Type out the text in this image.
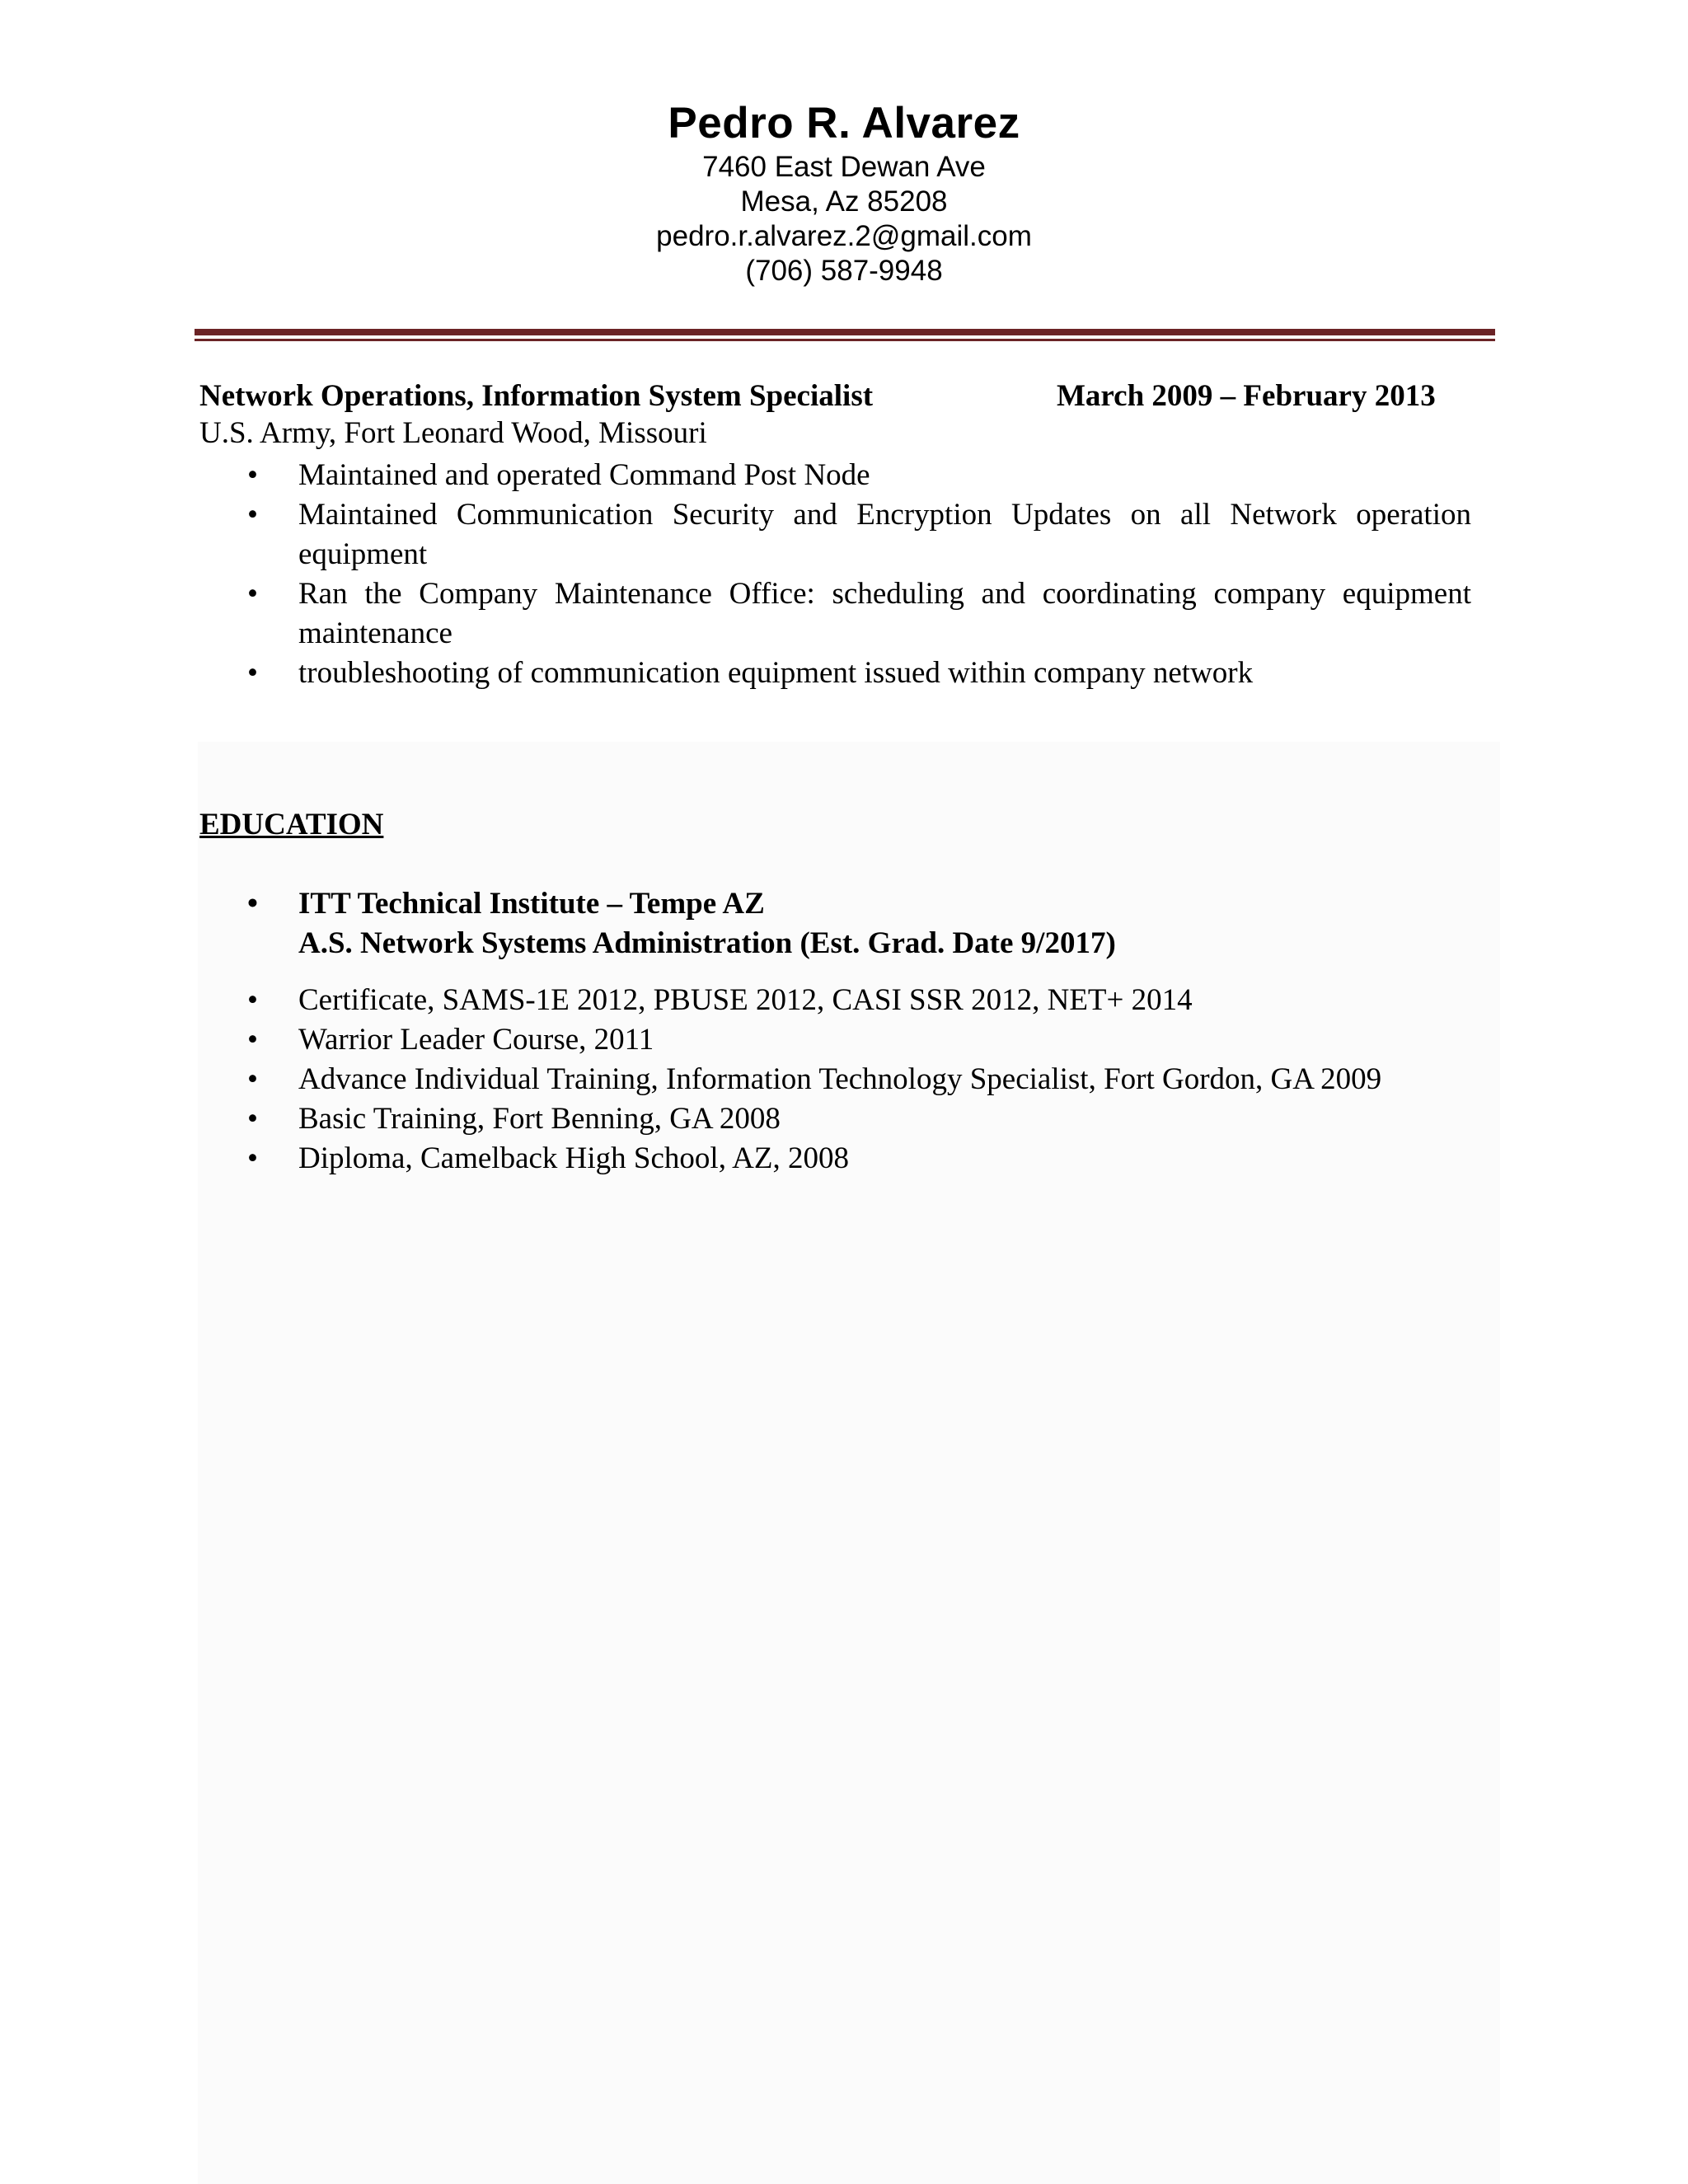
Pedro R. Alvarez
7460 East Dewan Ave
Mesa, Az 85208
pedro.r.alvarez.2@gmail.com
(706) 587-9948
Network Operations, Information System Specialist	March 2009 – February 2013
U.S. Army, Fort Leonard Wood, Missouri
• Maintained and operated Command Post Node
• Maintained Communication Security and Encryption Updates on all Network operation equipment
• Ran the Company Maintenance Office: scheduling and coordinating company equipment maintenance
• troubleshooting of communication equipment issued within company network
EDUCATION
• ITT Technical Institute – Tempe AZ
A.S. Network Systems Administration (Est. Grad. Date 9/2017)
• Certificate, SAMS-1E 2012, PBUSE 2012, CASI SSR 2012, NET+ 2014
• Warrior Leader Course, 2011
• Advance Individual Training, Information Technology Specialist, Fort Gordon, GA 2009
• Basic Training, Fort Benning, GA 2008
• Diploma, Camelback High School, AZ, 2008
